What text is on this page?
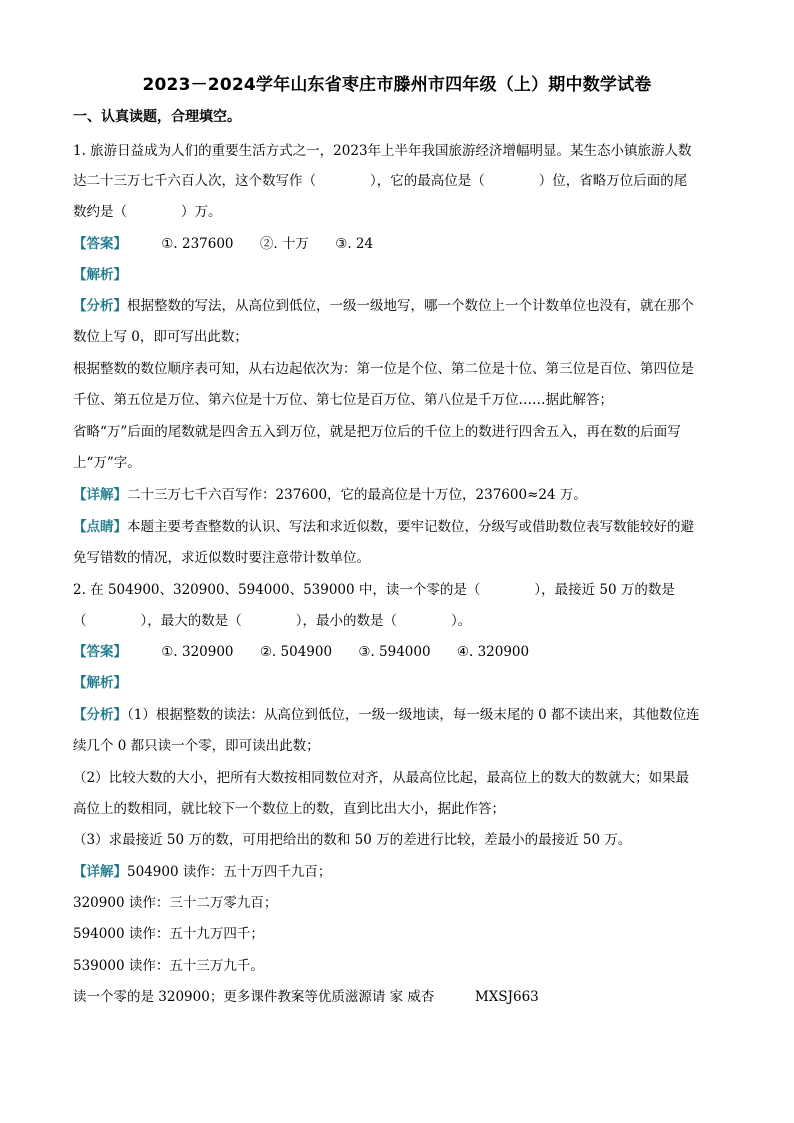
2023－2024学年山东省枣庄市滕州市四年级（上）期中数学试卷
一、认真读题，合理填空。
1. 旅游日益成为人们的重要生活方式之一，2023年上半年我国旅游经济增幅明显。某生态小镇旅游人数
达二十三万七千六百人次，这个数写作（　　　　），它的最高位是（　　　　）位，省略万位后面的尾
数约是（　　　　）万。
【答案】	①. 237600 ②. 十万 ③. 24
【解析】
【分析】根据整数的写法，从高位到低位，一级一级地写，哪一个数位上一个计数单位也没有，就在那个
数位上写 0，即可写出此数；
根据整数的数位顺序表可知，从右边起依次为：第一位是个位、第二位是十位、第三位是百位、第四位是
千位、第五位是万位、第六位是十万位、第七位是百万位、第八位是千万位……据此解答；
省略“万”后面的尾数就是四舍五入到万位，就是把万位后的千位上的数进行四舍五入，再在数的后面写
上“万”字。
【详解】二十三万七千六百写作：237600，它的最高位是十万位，237600≈24 万。
【点睛】本题主要考查整数的认识、写法和求近似数，要牢记数位，分级写或借助数位表写数能较好的避
免写错数的情况，求近似数时要注意带计数单位。
2. 在 504900、320900、594000、539000 中，读一个零的是（　　　　），最接近 50 万的数是
（　　　　），最大的数是（　　　　），最小的数是（　　　　）。
【答案】	①. 320900 ②. 504900 ③. 594000 ④. 320900
【解析】
【分析】（1）根据整数的读法：从高位到低位，一级一级地读，每一级末尾的 0 都不读出来，其他数位连
续几个 0 都只读一个零，即可读出此数；
（2）比较大数的大小，把所有大数按相同数位对齐，从最高位比起，最高位上的数大的数就大；如果最
高位上的数相同，就比较下一个数位上的数，直到比出大小，据此作答；
（3）求最接近 50 万的数，可用把给出的数和 50 万的差进行比较，差最小的最接近 50 万。
【详解】504900 读作：五十万四千九百；
320900 读作：三十二万零九百；
594000 读作：五十九万四千；
539000 读作：五十三万九千。
读一个零的是 320900；更多课件教案等优质滋源请 家 威杏　　　MXSJ663
